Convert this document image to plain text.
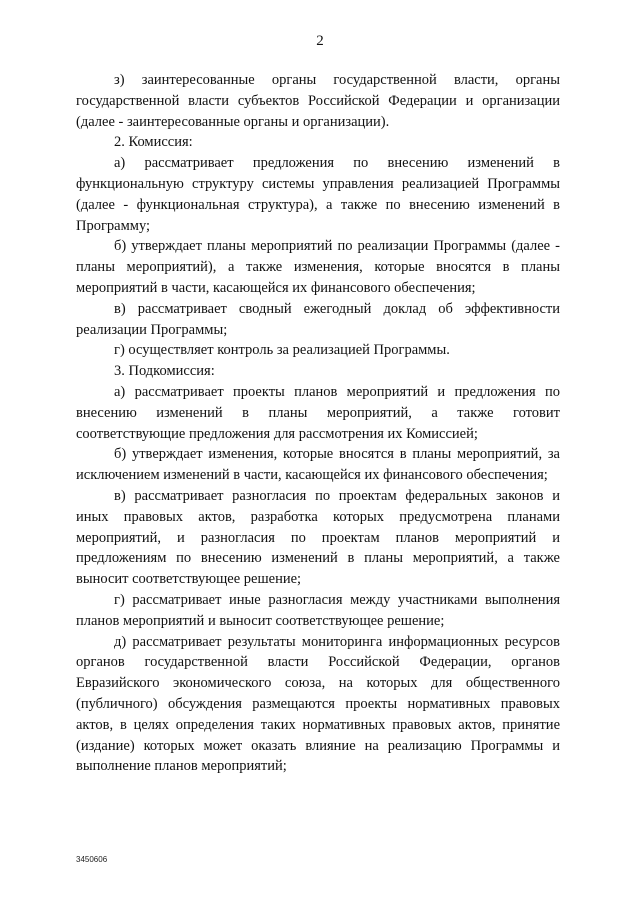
2

з) заинтересованные органы государственной власти, органы государственной власти субъектов Российской Федерации и организации (далее - заинтересованные органы и организации).

2. Комиссия:

а) рассматривает предложения по внесению изменений в функциональную структуру системы управления реализацией Программы (далее - функциональная структура), а также по внесению изменений в Программу;

б) утверждает планы мероприятий по реализации Программы (далее - планы мероприятий), а также изменения, которые вносятся в планы мероприятий в части, касающейся их финансового обеспечения;

в) рассматривает сводный ежегодный доклад об эффективности реализации Программы;

г) осуществляет контроль за реализацией Программы.

3. Подкомиссия:

а) рассматривает проекты планов мероприятий и предложения по внесению изменений в планы мероприятий, а также готовит соответствующие предложения для рассмотрения их Комиссией;

б) утверждает изменения, которые вносятся в планы мероприятий, за исключением изменений в части, касающейся их финансового обеспечения;

в) рассматривает разногласия по проектам федеральных законов и иных правовых актов, разработка которых предусмотрена планами мероприятий, и разногласия по проектам планов мероприятий и предложениям по внесению изменений в планы мероприятий, а также выносит соответствующее решение;

г) рассматривает иные разногласия между участниками выполнения планов мероприятий и выносит соответствующее решение;

д) рассматривает результаты мониторинга информационных ресурсов органов государственной власти Российской Федерации, органов Евразийского экономического союза, на которых для общественного (публичного) обсуждения размещаются проекты нормативных правовых актов, в целях определения таких нормативных правовых актов, принятие (издание) которых может оказать влияние на реализацию Программы и выполнение планов мероприятий;

3450606
